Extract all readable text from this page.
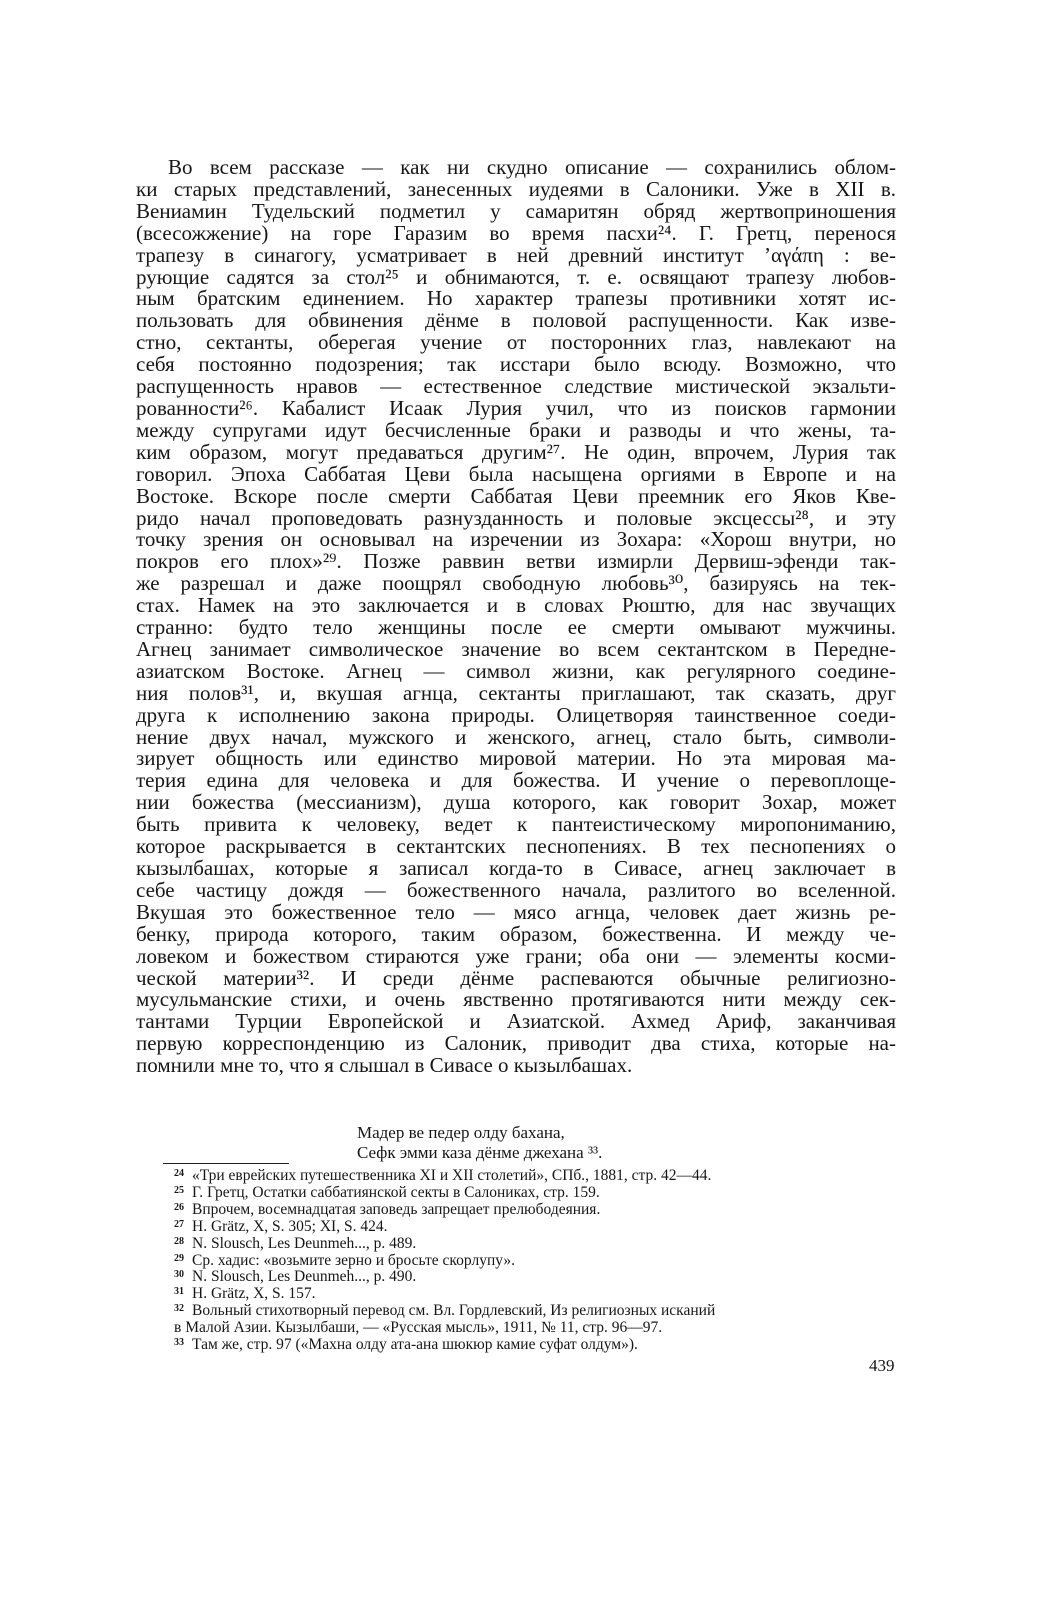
Во всем рассказе — как ни скудно описание — сохранились облом-
ки старых представлений, занесенных иудеями в Салоники. Уже в XII в.
Вениамин Тудельский подметил у самаритян обряд жертвоприношения
(всесожжение) на горе Гаразим во время пасхи²⁴. Г. Гретц, перенося
трапезу в синагогу, усматривает в ней древний институт ’αγάπη : ве-
рующие садятся за стол²⁵ и обнимаются, т. е. освящают трапезу любов-
ным братским единением. Но характер трапезы противники хотят ис-
пользовать для обвинения дёнме в половой распущенности. Как изве-
стно, сектанты, оберегая учение от посторонних глаз, навлекают на
себя постоянно подозрения; так исстари было всюду. Возможно, что
распущенность нравов — естественное следствие мистической экзальти-
рованности²⁶. Кабалист Исаак Лурия учил, что из поисков гармонии
между супругами идут бесчисленные браки и разводы и что жены, та-
ким образом, могут предаваться другим²⁷. Не один, впрочем, Лурия так
говорил. Эпоха Саббатая Цеви была насыщена оргиями в Европе и на
Востоке. Вскоре после смерти Саббатая Цеви преемник его Яков Кве-
ридо начал проповедовать разнузданность и половые эксцессы²⁸, и эту
точку зрения он основывал на изречении из Зохара: «Хорош внутри, но
покров его плох»²⁹. Позже раввин ветви измирли Дервиш-эфенди так-
же разрешал и даже поощрял свободную любовь³⁰, базируясь на тек-
стах. Намек на это заключается и в словах Рюштю, для нас звучащих
странно: будто тело женщины после ее смерти омывают мужчины.
Агнец занимает символическое значение во всем сектантском в Передне-
азиатском Востоке. Агнец — символ жизни, как регулярного соедине-
ния полов³¹, и, вкушая агнца, сектанты приглашают, так сказать, друг
друга к исполнению закона природы. Олицетворяя таинственное соеди-
нение двух начал, мужского и женского, агнец, стало быть, символи-
зирует общность или единство мировой материи. Но эта мировая ма-
терия едина для человека и для божества. И учение о перевоплоще-
нии божества (мессианизм), душа которого, как говорит Зохар, может
быть привита к человеку, ведет к пантеистическому миропониманию,
которое раскрывается в сектантских песнопениях. В тех песнопениях о
кызылбашах, которые я записал когда-то в Сивасе, агнец заключает в
себе частицу дождя — божественного начала, разлитого во вселенной.
Вкушая это божественное тело — мясо агнца, человек дает жизнь ре-
бенку, природа которого, таким образом, божественна. И между че-
ловеком и божеством стираются уже грани; оба они — элементы косми-
ческой материи³². И среди дёнме распеваются обычные религиозно-
мусульманские стихи, и очень явственно протягиваются нити между сек-
тантами Турции Европейской и Азиатской. Ахмед Ариф, заканчивая
первую корреспонденцию из Салоник, приводит два стиха, которые на-
помнили мне то, что я слышал в Сивасе о кызылбашах.
Мадер ве педер олду бахана,
Сефк эмми каза дёнме джехана ³³.
24 «Три еврейских путешественника XI и XII столетий», СПб., 1881, стр. 42—44.
25 Г. Гретц, Остатки саббатиянской секты в Салониках, стр. 159.
26 Впрочем, восемнадцатая заповедь запрещает прелюбодеяния.
27 H. Grätz, X, S. 305; XI, S. 424.
28 N. Slousch, Les Deunmeh..., p. 489.
29 Ср. хадис: «возьмите зерно и бросьте скорлупу».
30 N. Slousch, Les Deunmeh..., p. 490.
31 H. Grätz, X, S. 157.
32 Вольный стихотворный перевод см. Вл. Гордлевский, Из религиозных исканий
в Малой Азии. Кызылбаши, — «Русская мысль», 1911, № 11, стр. 96—97.
33 Там же, стр. 97 («Махна олду ата-ана шюкюр камие суфат олдум»).
439
